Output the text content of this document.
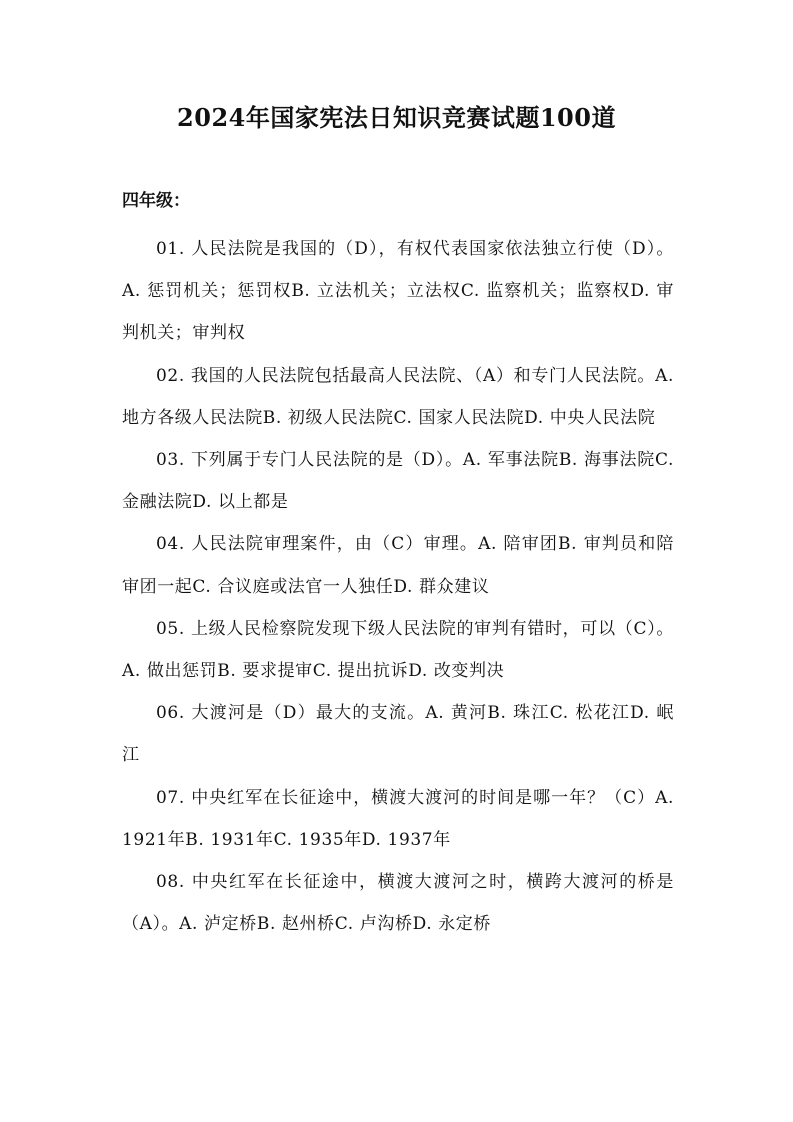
2024年国家宪法日知识竞赛试题100道
四年级：

01. 人民法院是我国的（D），有权代表国家依法独立行使（D）。A. 惩罚机关；惩罚权B. 立法机关；立法权C. 监察机关；监察权D. 审判机关；审判权

02. 我国的人民法院包括最高人民法院、（A）和专门人民法院。A. 地方各级人民法院B. 初级人民法院C. 国家人民法院D. 中央人民法院

03. 下列属于专门人民法院的是（D）。A. 军事法院B. 海事法院C. 金融法院D. 以上都是

04. 人民法院审理案件，由（C）审理。A. 陪审团B. 审判员和陪审团一起C. 合议庭或法官一人独任D. 群众建议

05. 上级人民检察院发现下级人民法院的审判有错时，可以（C）。A. 做出惩罚B. 要求提审C. 提出抗诉D. 改变判决

06. 大渡河是（D）最大的支流。A. 黄河B. 珠江C. 松花江D. 岷江

07. 中央红军在长征途中，横渡大渡河的时间是哪一年？（C）A. 1921年B. 1931年C. 1935年D. 1937年

08. 中央红军在长征途中，横渡大渡河之时，横跨大渡河的桥是（A）。A. 泸定桥B. 赵州桥C. 卢沟桥D. 永定桥
